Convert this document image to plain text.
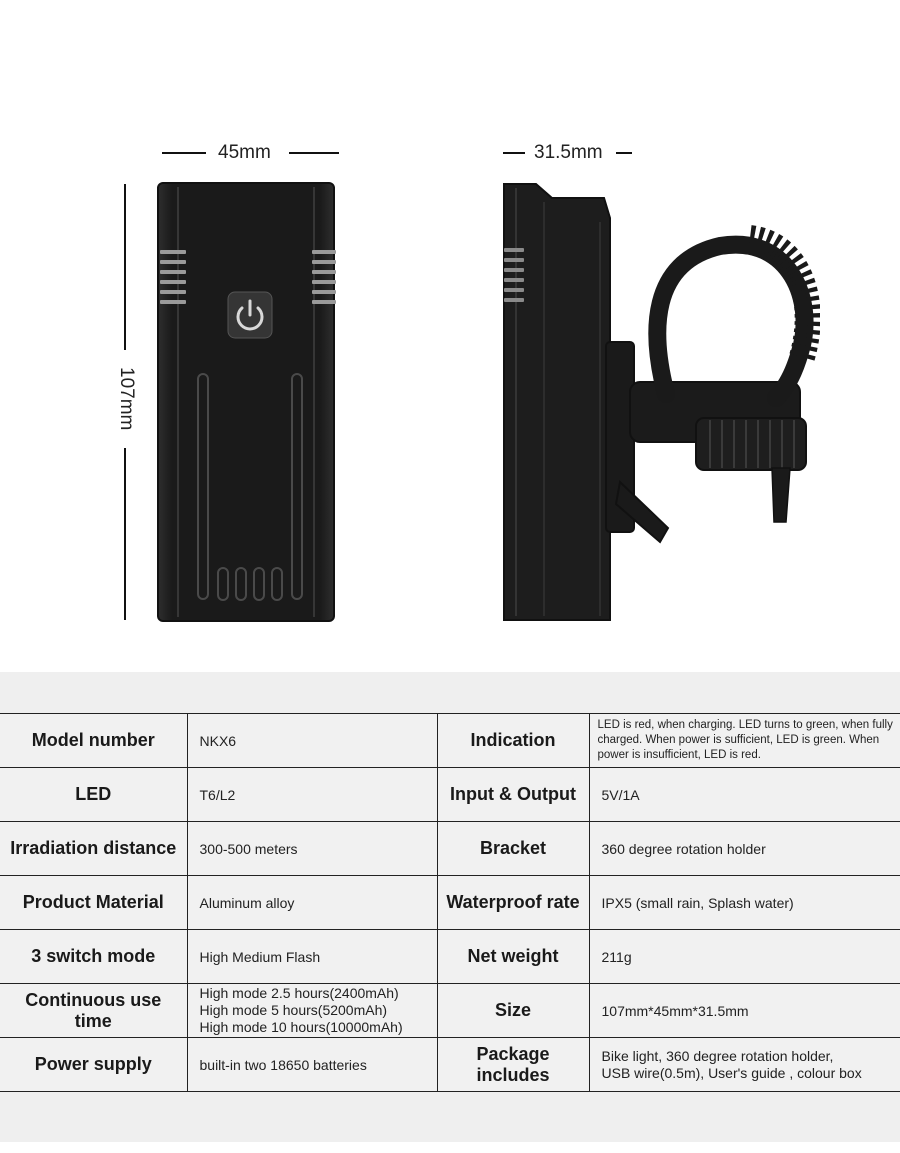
45mm	31.5mm
107mm
Model number	NKX6	Indication	LED is red, when charging. LED turns to green, when fully charged. When power is sufficient, LED is green. When power is insufficient, LED is red.
LED	T6/L2	Input & Output	5V/1A
Irradiation distance	300-500 meters	Bracket	360 degree rotation holder
Product Material	Aluminum alloy	Waterproof rate	IPX5 (small rain, Splash water)
3 switch mode	High Medium Flash	Net weight	211g
Continuous use time	High mode 2.5 hours(2400mAh)
High mode 5 hours(5200mAh)
High mode 10 hours(10000mAh)	Size	107mm*45mm*31.5mm
Power supply	built-in two 18650 batteries	Package includes	Bike light, 360 degree rotation holder,
USB wire(0.5m), User's guide , colour box
